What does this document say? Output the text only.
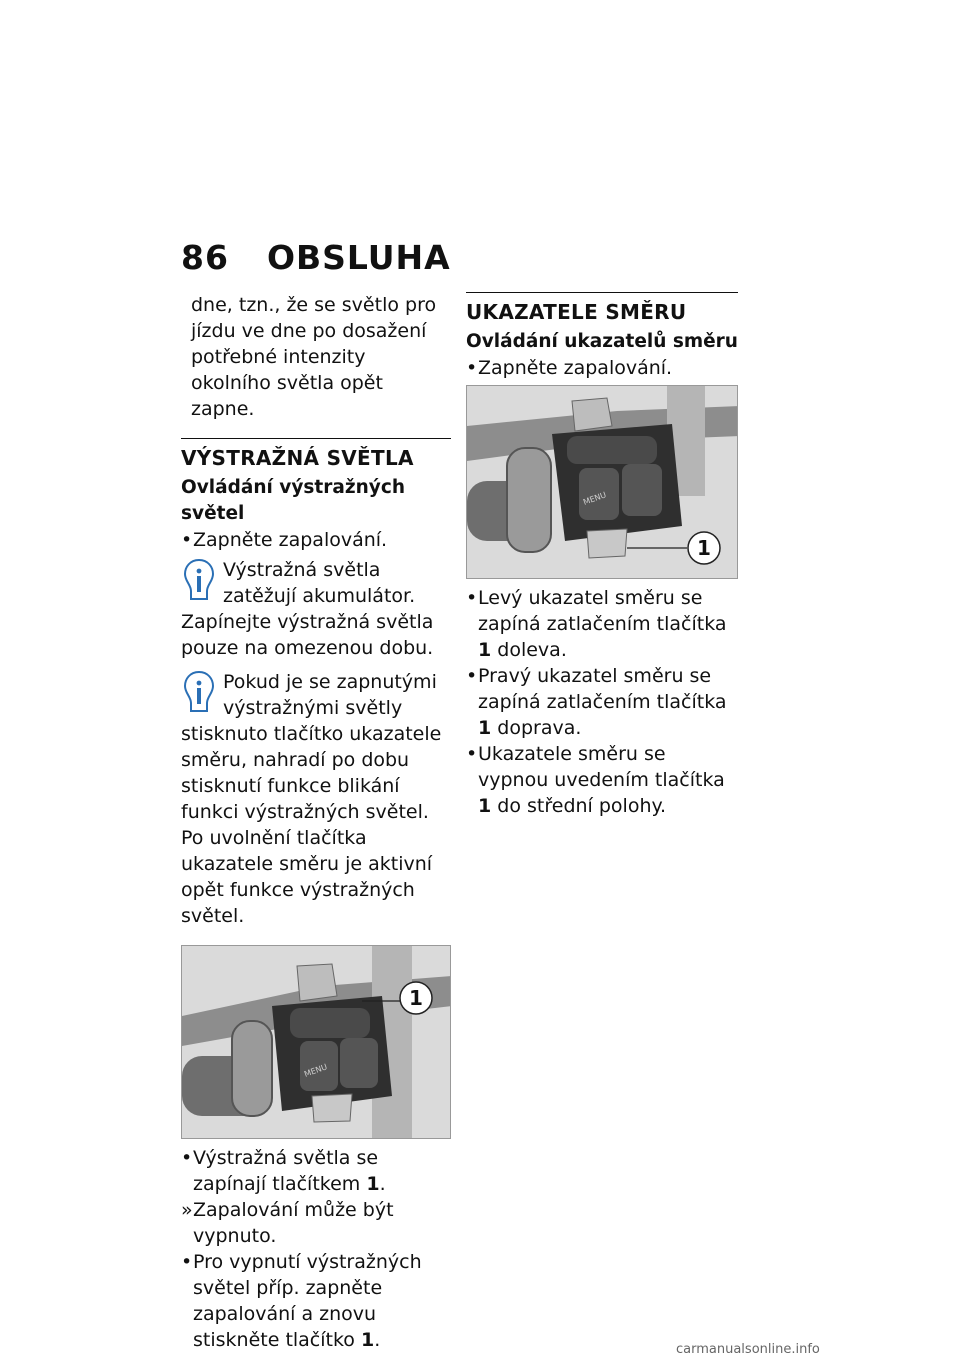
86 OBSLUHA
dne, tzn., že se světlo pro jízdu ve dne po dosažení potřebné intenzity okolního světla opět zapne.
VÝSTRAŽNÁ SVĚTLA
Ovládání výstražných světel
• Zapněte zapalování.
Výstražná světla zatěžují akumulátor. Zapínejte výstražná světla pouze na omezenou dobu.
Pokud je se zapnutými výstražnými světly stisknuto tlačítko ukazatele směru, nahradí po dobu stisknutí funkce blikání funkci výstražných světel. Po uvolnění tlačítka ukazatele směru je aktivní opět funkce výstražných světel.
1
MENU
• Výstražná světla se zapínají tlačítkem 1.
» Zapalování může být vypnuto.
• Pro vypnutí výstražných světel příp. zapněte zapalování a znovu stiskněte tlačítko 1.
UKAZATELE SMĚRU
Ovládání ukazatelů směru
• Zapněte zapalování.
1
MENU
• Levý ukazatel směru se zapíná zatlačením tlačítka 1 doleva.
• Pravý ukazatel směru se zapíná zatlačením tlačítka 1 doprava.
• Ukazatele směru se vypnou uvedením tlačítka 1 do střední polohy.
carmanualsonline.info
